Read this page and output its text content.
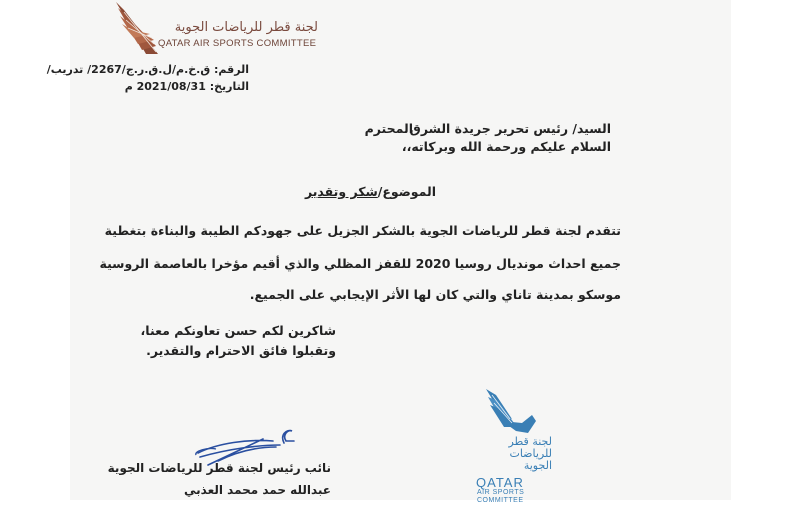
لجنة قطر للرياضات الجوية
QATAR AIR SPORTS COMMITTEE
الرقم: ق.خ.م/ل.ق.ر.ج/2267/ تدريب/
التاريخ: 2021/08/31 م
السيد/ رئيس تحرير جريدة الشرق
المحترم
السلام عليكم ورحمة الله وبركاته،،
الموضوع/شكر وتقدير
تتقدم لجنة قطر للرياضات الجوية بالشكر الجزيل على جهودكم الطيبة والبناءة بتغطية
جميع احداث مونديال روسيا 2020 للقفز المظلي والذي أقيم مؤخرا بالعاصمة الروسية
موسكو بمدينة تاناي والتي كان لها الأثر الإيجابي على الجميع.
شاكرين لكم حسن تعاونكم معنا،
وتقبلوا فائق الاحترام والتقدير.
نائب رئيس لجنة قطر للرياضات الجوية
عبدالله حمد محمد العذبي
لجنة قطر
للرياضات
الجوية
QATAR
AIR SPORTS
COMMITTEE
